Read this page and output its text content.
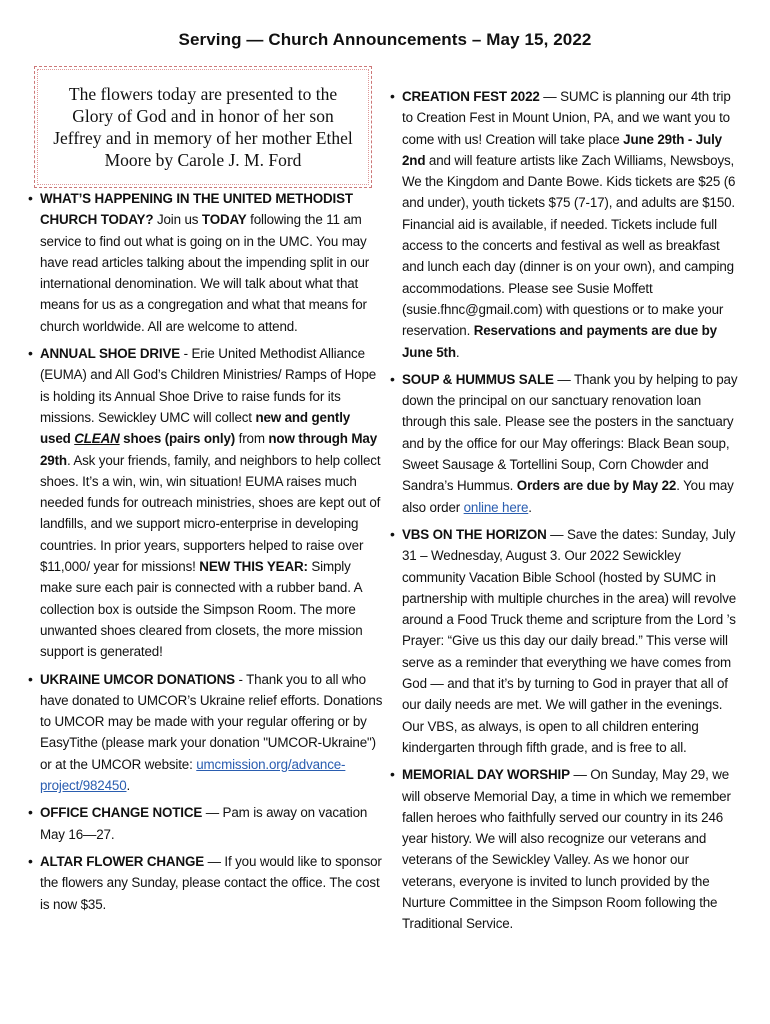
Serving — Church Announcements – May 15, 2022

The flowers today are presented to the Glory of God and in honor of her son Jeffrey and in memory of her mother Ethel Moore by Carole J. M. Ford

• WHAT’S HAPPENING IN THE UNITED METHODIST CHURCH TODAY? Join us TODAY following the 11 am service to find out what is going on in the UMC. You may have read articles talking about the impending split in our international denomination. We will talk about what that means for us as a congregation and what that means for church worldwide. All are welcome to attend.

• ANNUAL SHOE DRIVE - Erie United Methodist Alliance (EUMA) and All God’s Children Ministries/ Ramps of Hope is holding its Annual Shoe Drive to raise funds for its missions. Sewickley UMC will collect new and gently used CLEAN shoes (pairs only) from now through May 29th. Ask your friends, family, and neighbors to help collect shoes. It’s a win, win, win situation! EUMA raises much needed funds for outreach ministries, shoes are kept out of landfills, and we support micro-enterprise in developing countries. In prior years, supporters helped to raise over $11,000/ year for missions! NEW THIS YEAR: Simply make sure each pair is connected with a rubber band. A collection box is outside the Simpson Room. The more unwanted shoes cleared from closets, the more mission support is generated!

• UKRAINE UMCOR DONATIONS - Thank you to all who have donated to UMCOR’s Ukraine relief efforts. Donations to UMCOR may be made with your regular offering or by EasyTithe (please mark your donation "UMCOR-Ukraine") or at the UMCOR website: umcmission.org/advance-project/982450.

• OFFICE CHANGE NOTICE — Pam is away on vacation May 16—27.

• ALTAR FLOWER CHANGE — If you would like to sponsor the flowers any Sunday, please contact the office. The cost is now $35.

• CREATION FEST 2022 — SUMC is planning our 4th trip to Creation Fest in Mount Union, PA, and we want you to come with us! Creation will take place June 29th - July 2nd and will feature artists like Zach Williams, Newsboys, We the Kingdom and Dante Bowe. Kids tickets are $25 (6 and under), youth tickets $75 (7-17), and adults are $150. Financial aid is available, if needed. Tickets include full access to the concerts and festival as well as breakfast and lunch each day (dinner is on your own), and camping accommodations. Please see Susie Moffett (susie.fhnc@gmail.com) with questions or to make your reservation. Reservations and payments are due by June 5th.

• SOUP & HUMMUS SALE — Thank you by helping to pay down the principal on our sanctuary renovation loan through this sale. Please see the posters in the sanctuary and by the office for our May offerings: Black Bean soup, Sweet Sausage & Tortellini Soup, Corn Chowder and Sandra’s Hummus. Orders are due by May 22. You may also order online here.

• VBS ON THE HORIZON — Save the dates: Sunday, July 31 – Wednesday, August 3. Our 2022 Sewickley community Vacation Bible School (hosted by SUMC in partnership with multiple churches in the area) will revolve around a Food Truck theme and scripture from the Lord ’s Prayer: “Give us this day our daily bread.” This verse will serve as a reminder that everything we have comes from God — and that it’s by turning to God in prayer that all of our daily needs are met. We will gather in the evenings. Our VBS, as always, is open to all children entering kindergarten through fifth grade, and is free to all.

• MEMORIAL DAY WORSHIP — On Sunday, May 29, we will observe Memorial Day, a time in which we remember fallen heroes who faithfully served our country in its 246 year history. We will also recognize our veterans and veterans of the Sewickley Valley. As we honor our veterans, everyone is invited to lunch provided by the Nurture Committee in the Simpson Room following the Traditional Service.
